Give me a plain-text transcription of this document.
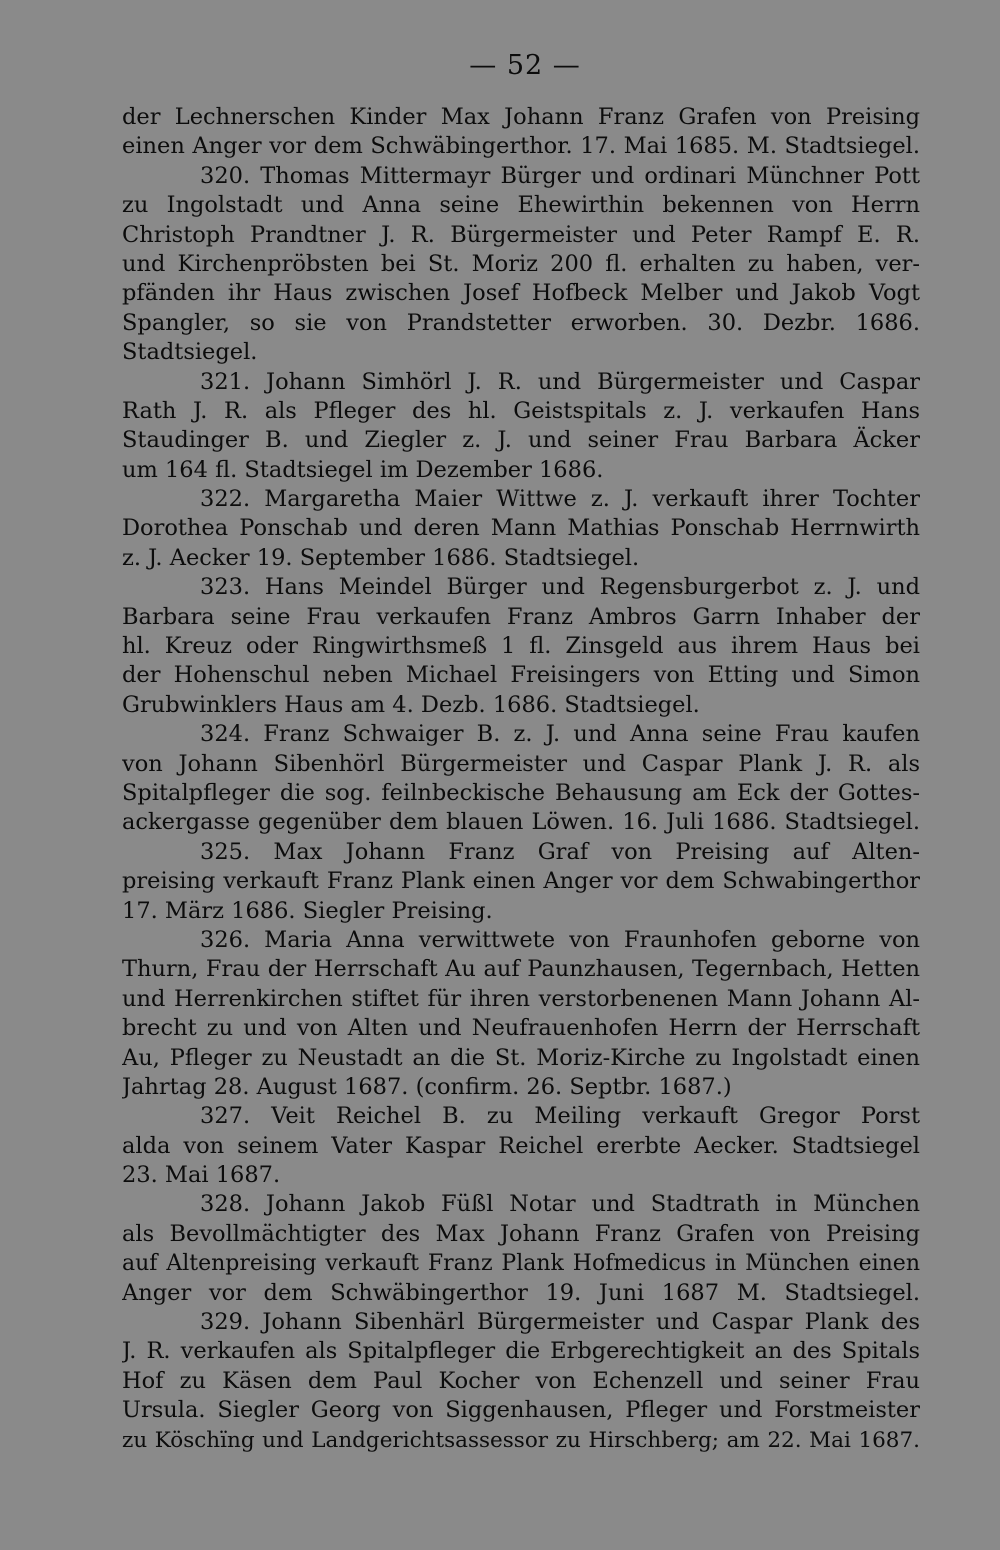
— 52 —
der Lechnerschen Kinder Max Johann Franz Grafen von Preising
einen Anger vor dem Schwäbingerthor. 17. Mai 1685. M. Stadtsiegel.
320. Thomas Mittermayr Bürger und ordinari Münchner Pott
zu Ingolstadt und Anna seine Ehewirthin bekennen von Herrn
Christoph Prandtner J. R. Bürgermeister und Peter Rampf E. R.
und Kirchenpröbsten bei St. Moriz 200 fl. erhalten zu haben, ver-
pfänden ihr Haus zwischen Josef Hofbeck Melber und Jakob Vogt
Spangler, so sie von Prandstetter erworben. 30. Dezbr. 1686.
Stadtsiegel.
321. Johann Simhörl J. R. und Bürgermeister und Caspar
Rath J. R. als Pfleger des hl. Geistspitals z. J. verkaufen Hans
Staudinger B. und Ziegler z. J. und seiner Frau Barbara Äcker
um 164 fl. Stadtsiegel im Dezember 1686.
322. Margaretha Maier Wittwe z. J. verkauft ihrer Tochter
Dorothea Ponschab und deren Mann Mathias Ponschab Herrnwirth
z. J. Aecker 19. September 1686. Stadtsiegel.
323. Hans Meindel Bürger und Regensburgerbot z. J. und
Barbara seine Frau verkaufen Franz Ambros Garrn Inhaber der
hl. Kreuz oder Ringwirthsmeß 1 fl. Zinsgeld aus ihrem Haus bei
der Hohenschul neben Michael Freisingers von Etting und Simon
Grubwinklers Haus am 4. Dezb. 1686. Stadtsiegel.
324. Franz Schwaiger B. z. J. und Anna seine Frau kaufen
von Johann Sibenhörl Bürgermeister und Caspar Plank J. R. als
Spitalpfleger die sog. feilnbeckische Behausung am Eck der Gottes-
ackergasse gegenüber dem blauen Löwen. 16. Juli 1686. Stadtsiegel.
325. Max Johann Franz Graf von Preising auf Alten-
preising verkauft Franz Plank einen Anger vor dem Schwabingerthor
17. März 1686. Siegler Preising.
326. Maria Anna verwittwete von Fraunhofen geborne von
Thurn, Frau der Herrschaft Au auf Paunzhausen, Tegernbach, Hetten
und Herrenkirchen stiftet für ihren verstorbenenen Mann Johann Al-
brecht zu und von Alten und Neufrauenhofen Herrn der Herrschaft
Au, Pfleger zu Neustadt an die St. Moriz-Kirche zu Ingolstadt einen
Jahrtag 28. August 1687. (confirm. 26. Septbr. 1687.)
327. Veit Reichel B. zu Meiling verkauft Gregor Porst
alda von seinem Vater Kaspar Reichel ererbte Aecker. Stadtsiegel
23. Mai 1687.
328. Johann Jakob Füßl Notar und Stadtrath in München
als Bevollmächtigter des Max Johann Franz Grafen von Preising
auf Altenpreising verkauft Franz Plank Hofmedicus in München einen
Anger vor dem Schwäbingerthor 19. Juni 1687 M. Stadtsiegel.
329. Johann Sibenhärl Bürgermeister und Caspar Plank des
J. R. verkaufen als Spitalpfleger die Erbgerechtigkeit an des Spitals
Hof zu Käsen dem Paul Kocher von Echenzell und seiner Frau
Ursula. Siegler Georg von Siggenhausen, Pfleger und Forstmeister
zu Köschïng und Landgerichtsassessor zu Hirschberg; am 22. Mai 1687.
